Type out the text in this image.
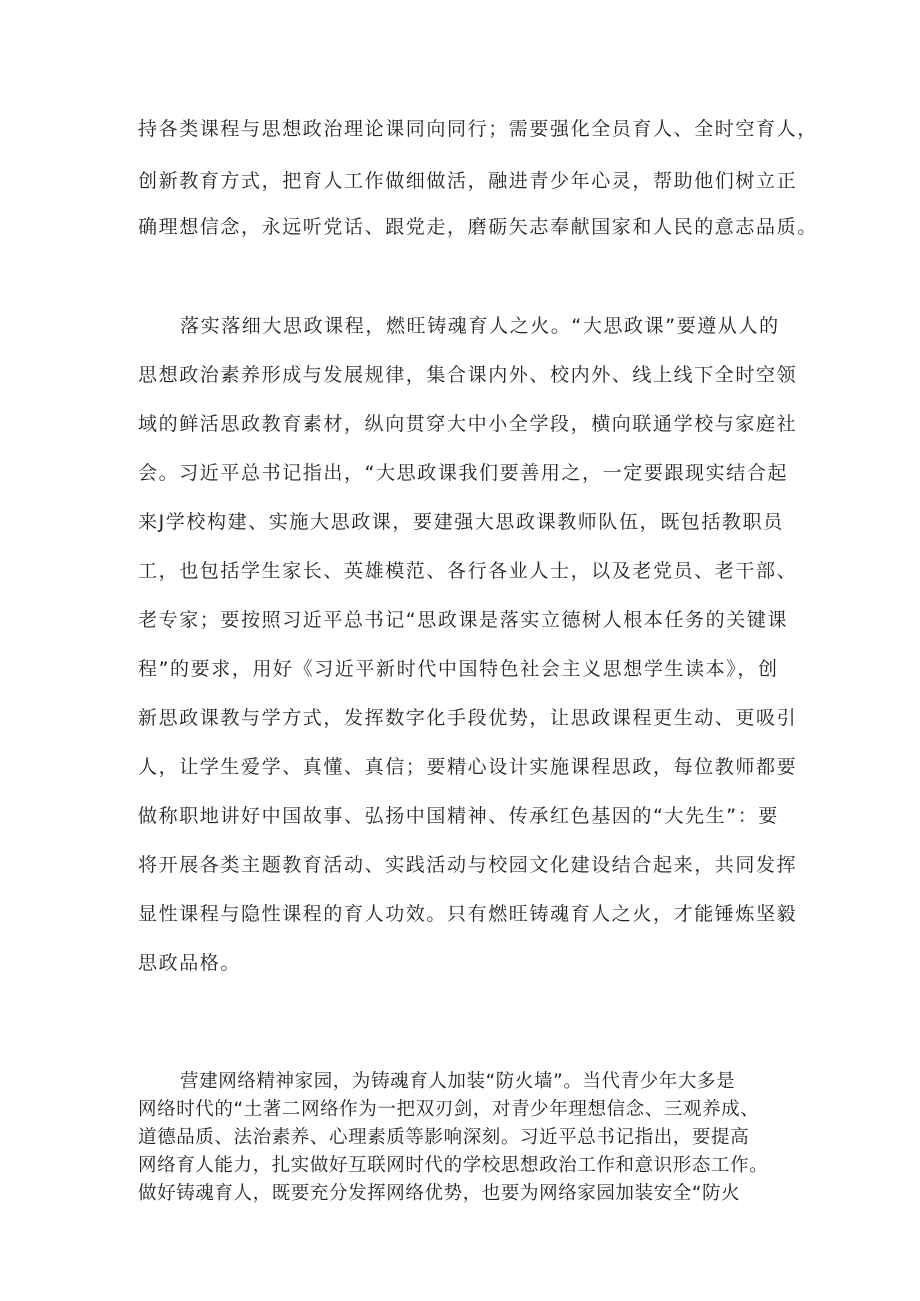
持各类课程与思想政治理论课同向同行；需要强化全员育人、全时空育人，
创新教育方式，把育人工作做细做活，融进青少年心灵，帮助他们树立正
确理想信念，永远听党话、跟党走，磨砺矢志奉献国家和人民的意志品质。
落实落细大思政课程，燃旺铸魂育人之火。“大思政课”要遵从人的
思想政治素养形成与发展规律，集合课内外、校内外、线上线下全时空领
域的鲜活思政教育素材，纵向贯穿大中小全学段，横向联通学校与家庭社
会。习近平总书记指出，“大思政课我们要善用之，一定要跟现实结合起
来J学校构建、实施大思政课，要建强大思政课教师队伍，既包括教职员
工，也包括学生家长、英雄模范、各行各业人士，以及老党员、老干部、
老专家；要按照习近平总书记“思政课是落实立德树人根本任务的关键课
程”的要求，用好《习近平新时代中国特色社会主义思想学生读本》，创
新思政课教与学方式，发挥数字化手段优势，让思政课程更生动、更吸引
人，让学生爱学、真懂、真信；要精心设计实施课程思政，每位教师都要
做称职地讲好中国故事、弘扬中国精神、传承红色基因的“大先生”：要
将开展各类主题教育活动、实践活动与校园文化建设结合起来，共同发挥
显性课程与隐性课程的育人功效。只有燃旺铸魂育人之火，才能锤炼坚毅
思政品格。
营建网络精神家园，为铸魂育人加装“防火墙”。当代青少年大多是
网络时代的“土著二网络作为一把双刃剑，对青少年理想信念、三观养成、
道德品质、法治素养、心理素质等影响深刻。习近平总书记指出，要提高
网络育人能力，扎实做好互联网时代的学校思想政治工作和意识形态工作。
做好铸魂育人，既要充分发挥网络优势，也要为网络家园加装安全“防火
